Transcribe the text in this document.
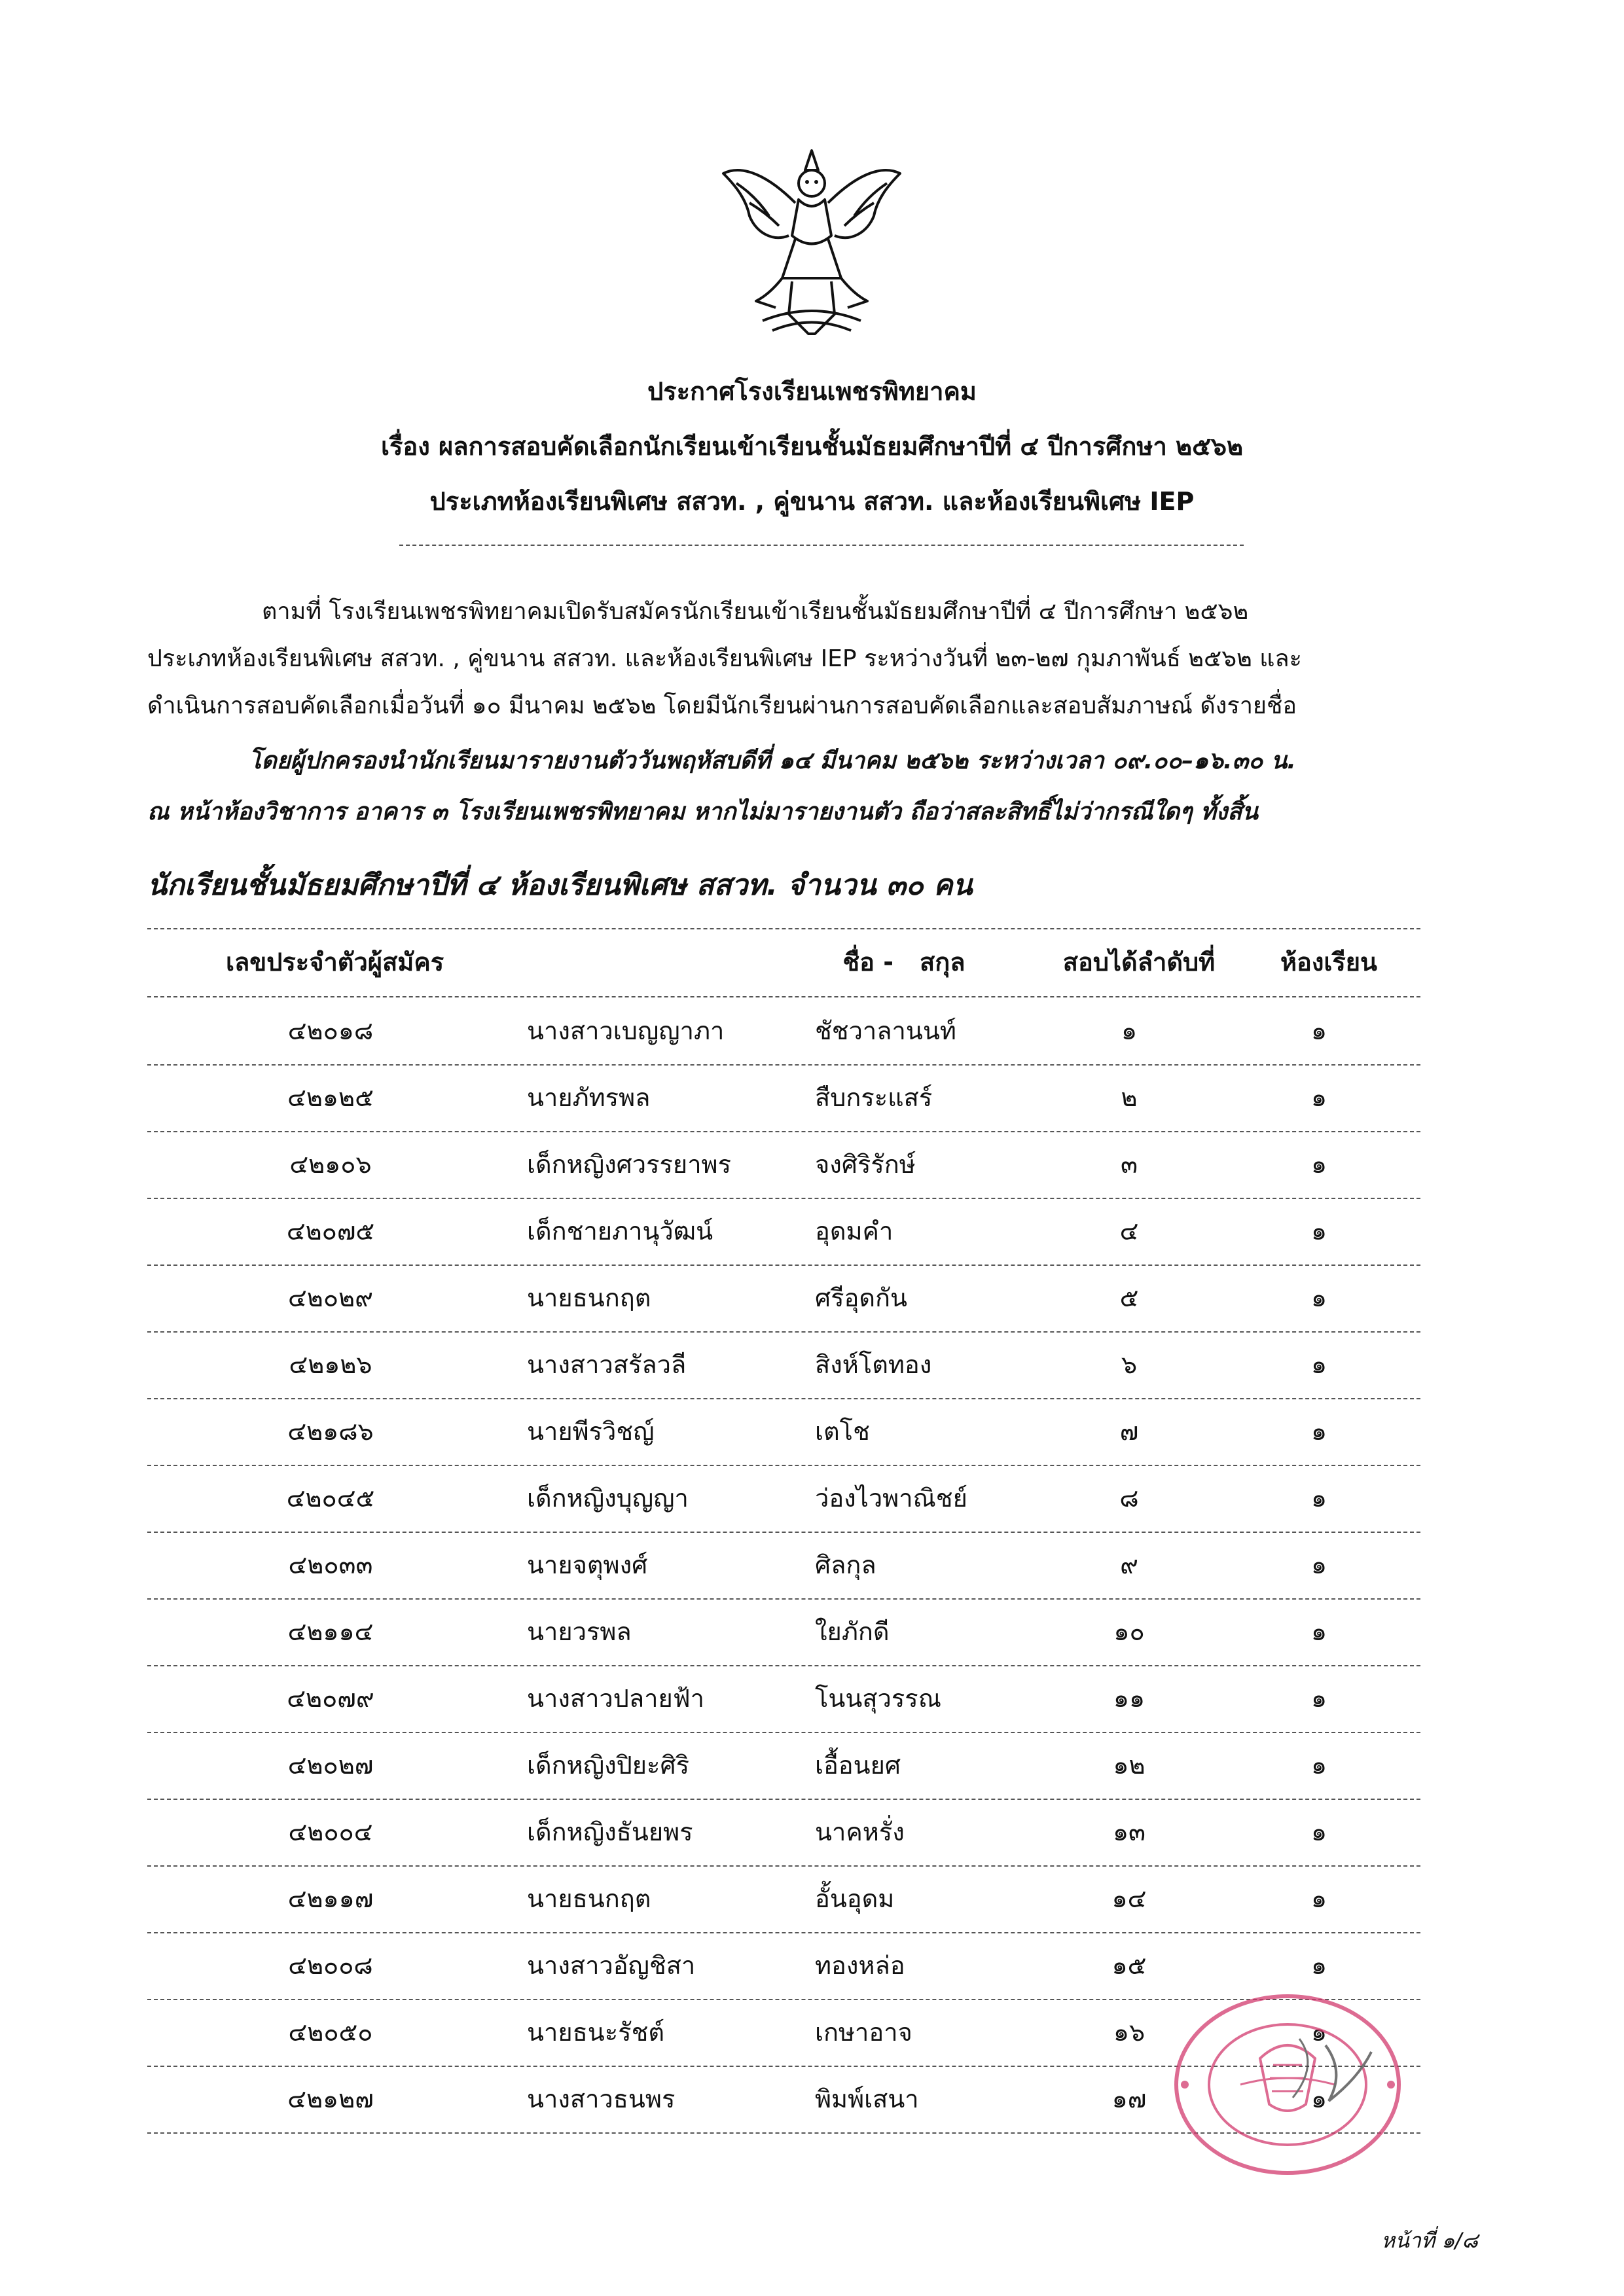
ประกาศโรงเรียนเพชรพิทยาคม
เรื่อง ผลการสอบคัดเลือกนักเรียนเข้าเรียนชั้นมัธยมศึกษาปีที่ ๔ ปีการศึกษา ๒๕๖๒
ประเภทห้องเรียนพิเศษ สสวท. , คู่ขนาน สสวท. และห้องเรียนพิเศษ IEP
ตามที่ โรงเรียนเพชรพิทยาคมเปิดรับสมัครนักเรียนเข้าเรียนชั้นมัธยมศึกษาปีที่ ๔ ปีการศึกษา ๒๕๖๒
ประเภทห้องเรียนพิเศษ สสวท. , คู่ขนาน สสวท. และห้องเรียนพิเศษ IEP ระหว่างวันที่ ๒๓-๒๗ กุมภาพันธ์ ๒๕๖๒ และ
ดำเนินการสอบคัดเลือกเมื่อวันที่ ๑๐ มีนาคม ๒๕๖๒ โดยมีนักเรียนผ่านการสอบคัดเลือกและสอบสัมภาษณ์ ดังรายชื่อ
โดยผู้ปกครองนำนักเรียนมารายงานตัววันพฤหัสบดีที่ ๑๔ มีนาคม ๒๕๖๒ ระหว่างเวลา ๐๙.๐๐–๑๖.๓๐ น.
ณ หน้าห้องวิชาการ อาคาร ๓ โรงเรียนเพชรพิทยาคม หากไม่มารายงานตัว ถือว่าสละสิทธิ์ไม่ว่ากรณีใดๆ ทั้งสิ้น
นักเรียนชั้นมัธยมศึกษาปีที่ ๔ ห้องเรียนพิเศษ สสวท. จำนวน ๓๐ คน
เลขประจำตัวผู้สมัคร	ชื่อ - สกุล	สอบได้ลำดับที่	ห้องเรียน
๔๒๐๑๘	นางสาวเบญญาภา	ชัชวาลานนท์	๑	๑
๔๒๑๒๕	นายภัทรพล	สืบกระแสร์	๒	๑
๔๒๑๐๖	เด็กหญิงศวรรยาพร	จงศิริรักษ์	๓	๑
๔๒๐๗๕	เด็กชายภานุวัฒน์	อุดมคำ	๔	๑
๔๒๐๒๙	นายธนกฤต	ศรีอุดกัน	๕	๑
๔๒๑๒๖	นางสาวสรัลวลี	สิงห์โตทอง	๖	๑
๔๒๑๘๖	นายพีรวิชญ์	เตโช	๗	๑
๔๒๐๔๕	เด็กหญิงบุญญา	ว่องไวพาณิชย์	๘	๑
๔๒๐๓๓	นายจตุพงศ์	ศิลกุล	๙	๑
๔๒๑๑๔	นายวรพล	ใยภักดี	๑๐	๑
๔๒๐๗๙	นางสาวปลายฟ้า	โนนสุวรรณ	๑๑	๑
๔๒๐๒๗	เด็กหญิงปิยะศิริ	เอื้อนยศ	๑๒	๑
๔๒๐๐๔	เด็กหญิงธันยพร	นาคหรั่ง	๑๓	๑
๔๒๑๑๗	นายธนกฤต	อั้นอุดม	๑๔	๑
๔๒๐๐๘	นางสาวอัญชิสา	ทองหล่อ	๑๕	๑
๔๒๐๕๐	นายธนะรัชต์	เกษาอาจ	๑๖	๑
๔๒๑๒๗	นางสาวธนพร	พิมพ์เสนา	๑๗	๑
หน้าที่ ๑/๘
